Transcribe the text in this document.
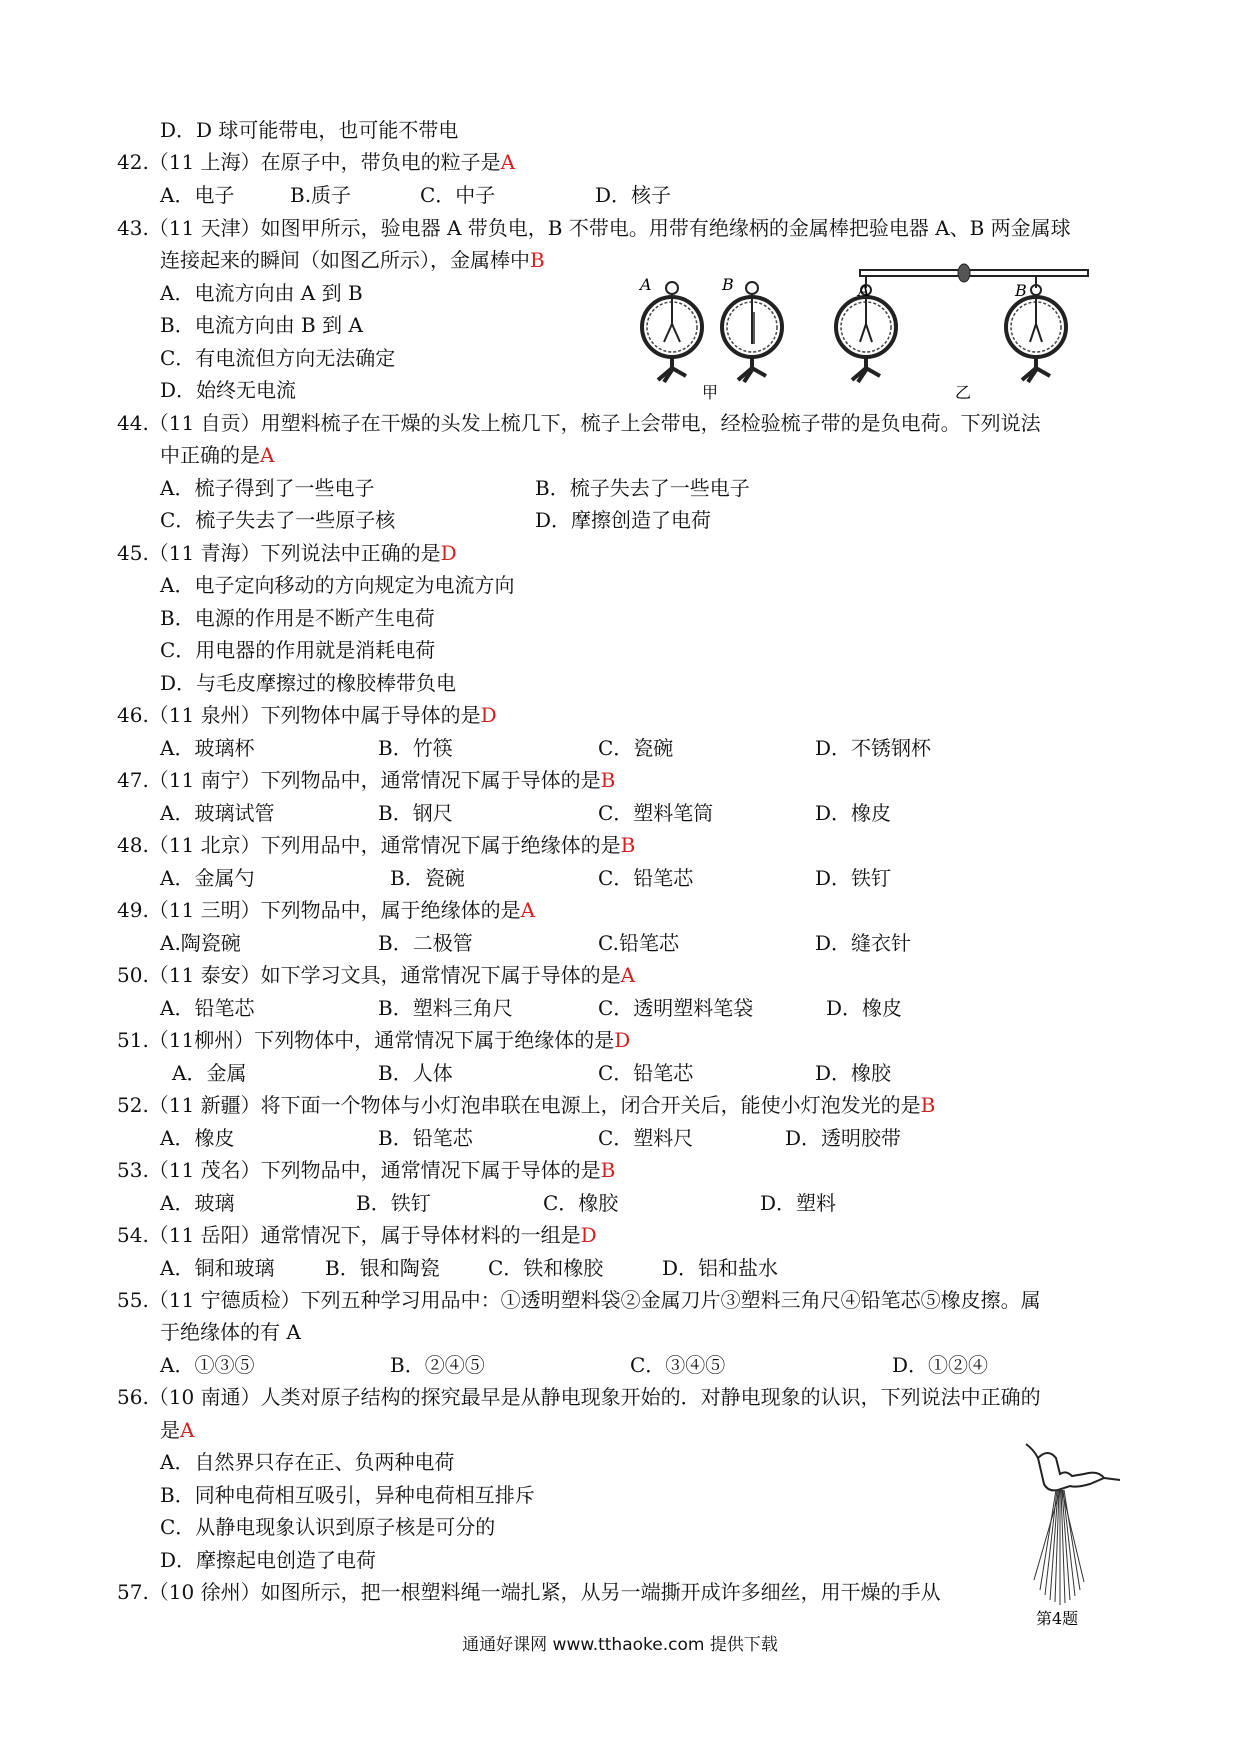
D．D 球可能带电，也可能不带电
42.（11 上海）在原子中，带负电的粒子是A
A．电子	B.质子	C．中子	D．核子
43.（11 天津）如图甲所示，验电器 A 带负电，B 不带电。用带有绝缘柄的金属棒把验电器 A、B 两金属球
连接起来的瞬间（如图乙所示），金属棒中B
A．电流方向由 A 到 B
B．电流方向由 B 到 A
C．有电流但方向无法确定
D．始终无电流
A	B	A	B
甲	乙
44.（11 自贡）用塑料梳子在干燥的头发上梳几下，梳子上会带电，经检验梳子带的是负电荷。下列说法
中正确的是A
A．梳子得到了一些电子	B．梳子失去了一些电子
C．梳子失去了一些原子核	D．摩擦创造了电荷
45.（11 青海）下列说法中正确的是D
A．电子定向移动的方向规定为电流方向
B．电源的作用是不断产生电荷
C．用电器的作用就是消耗电荷
D．与毛皮摩擦过的橡胶棒带负电
46.（11 泉州）下列物体中属于导体的是D
A．玻璃杯	B．竹筷	C．瓷碗	D．不锈钢杯
47.（11 南宁）下列物品中，通常情况下属于导体的是B
A．玻璃试管	B．钢尺	C．塑料笔筒	D．橡皮
48.（11 北京）下列用品中，通常情况下属于绝缘体的是B
A．金属勺	B．瓷碗	C．铅笔芯	D．铁钉
49.（11 三明）下列物品中，属于绝缘体的是A
A.陶瓷碗	B．二极管	C.铅笔芯	D．缝衣针
50.（11 泰安）如下学习文具，通常情况下属于导体的是A
A．铅笔芯	B．塑料三角尺	C．透明塑料笔袋	D．橡皮
51.（11柳州）下列物体中，通常情况下属于绝缘体的是D
A．金属	B．人体	C．铅笔芯	D．橡胶
52.（11 新疆）将下面一个物体与小灯泡串联在电源上，闭合开关后，能使小灯泡发光的是B
A．橡皮	B．铅笔芯	C．塑料尺	D．透明胶带
53.（11 茂名）下列物品中，通常情况下属于导体的是B
A．玻璃	B．铁钉	C．橡胶	D．塑料
54.（11 岳阳）通常情况下，属于导体材料的一组是D
A．铜和玻璃	B．银和陶瓷 C．铁和橡胶	D．铝和盐水
55.（11 宁德质检）下列五种学习用品中：①透明塑料袋②金属刀片③塑料三角尺④铅笔芯⑤橡皮擦。属
于绝缘体的有 A
A．①③⑤	B．②④⑤	C．③④⑤	D．①②④
56.（10 南通）人类对原子结构的探究最早是从静电现象开始的．对静电现象的认识，下列说法中正确的
是A
A．自然界只存在正、负两种电荷
B．同种电荷相互吸引，异种电荷相互排斥
C．从静电现象认识到原子核是可分的
D．摩擦起电创造了电荷
57.（10 徐州）如图所示，把一根塑料绳一端扎紧，从另一端撕开成许多细丝，用干燥的手从
第4题
通通好课网 www.tthaoke.com 提供下载
